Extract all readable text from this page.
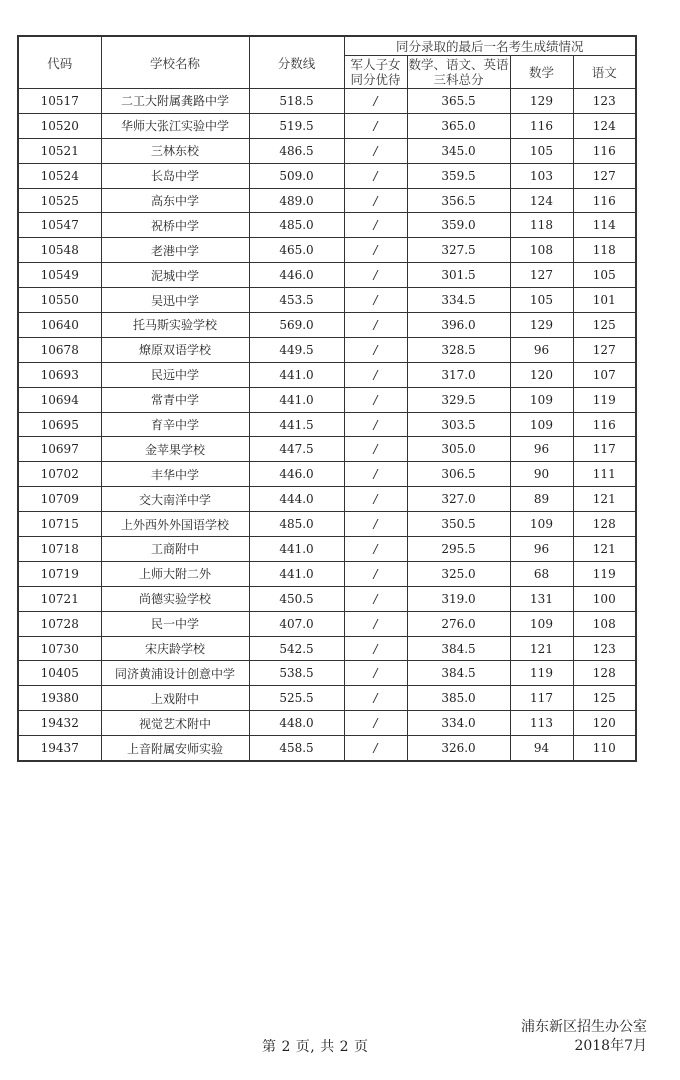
代码	学校名称	分数线	同分录取的最后一名考生成绩情况			
			军人子女同分优待	数学、语文、英语三科总分	数学	语文
10517	二工大附属龚路中学	518.5	/	365.5	129	123
10520	华师大张江实验中学	519.5	/	365.0	116	124
10521	三林东校	486.5	/	345.0	105	116
10524	长岛中学	509.0	/	359.5	103	127
10525	高东中学	489.0	/	356.5	124	116
10547	祝桥中学	485.0	/	359.0	118	114
10548	老港中学	465.0	/	327.5	108	118
10549	泥城中学	446.0	/	301.5	127	105
10550	吴迅中学	453.5	/	334.5	105	101
10640	托马斯实验学校	569.0	/	396.0	129	125
10678	燎原双语学校	449.5	/	328.5	96	127
10693	民远中学	441.0	/	317.0	120	107
10694	常青中学	441.0	/	329.5	109	119
10695	育辛中学	441.5	/	303.5	109	116
10697	金苹果学校	447.5	/	305.0	96	117
10702	丰华中学	446.0	/	306.5	90	111
10709	交大南洋中学	444.0	/	327.0	89	121
10715	上外西外外国语学校	485.0	/	350.5	109	128
10718	工商附中	441.0	/	295.5	96	121
10719	上师大附二外	441.0	/	325.0	68	119
10721	尚德实验学校	450.5	/	319.0	131	100
10728	民一中学	407.0	/	276.0	109	108
10730	宋庆龄学校	542.5	/	384.5	121	123
10405	同济黄浦设计创意中学	538.5	/	384.5	119	128
19380	上戏附中	525.5	/	385.0	117	125
19432	视觉艺术附中	448.0	/	334.0	113	120
19437	上音附属安师实验	458.5	/	326.0	94	110
第 2 页, 共 2 页
浦东新区招生办公室
2018年7月
